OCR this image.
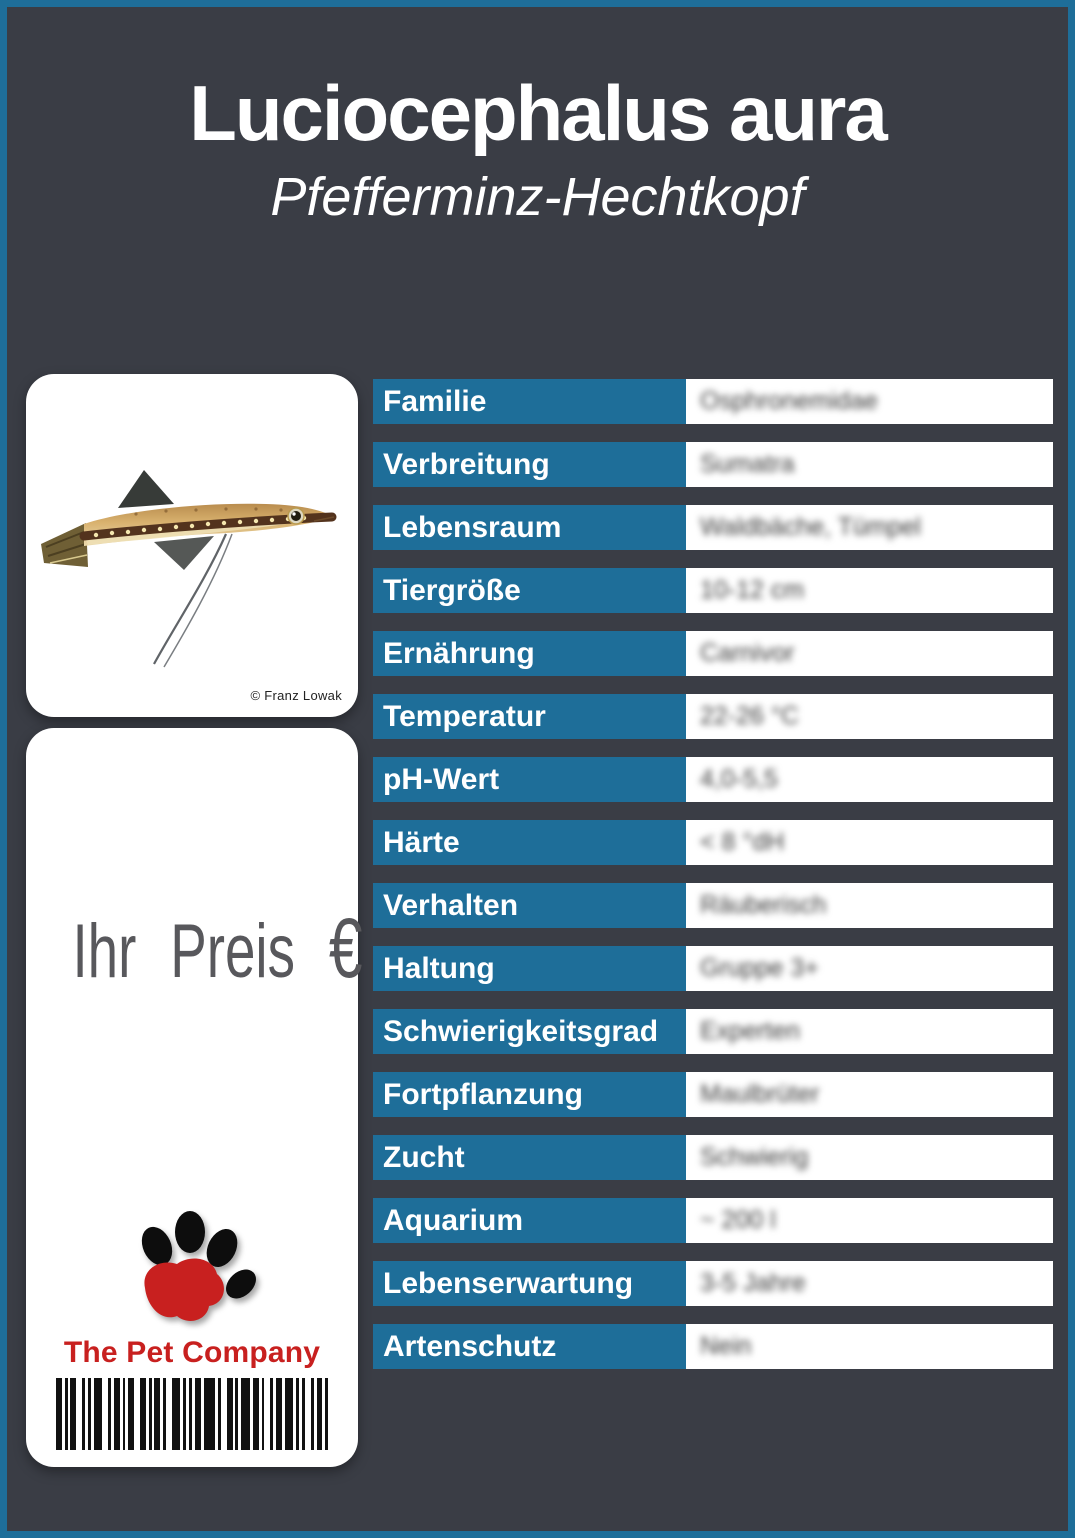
Luciocephalus aura
Pfefferminz-Hechtkopf
© Franz Lowak
Ihr Preis €
The Pet Company
Familie	Osphronemidae
Verbreitung	Sumatra
Lebensraum	Waldbäche, Tümpel
Tiergröße	10-12 cm
Ernährung	Carnivor
Temperatur	22-26 °C
pH-Wert	4,0-5,5
Härte	< 8 °dH
Verhalten	Räuberisch
Haltung	Gruppe 3+
Schwierigkeitsgrad	Experten
Fortpflanzung	Maulbrüter
Zucht	Schwierig
Aquarium	~ 200 l
Lebenserwartung	3-5 Jahre
Artenschutz	Nein
